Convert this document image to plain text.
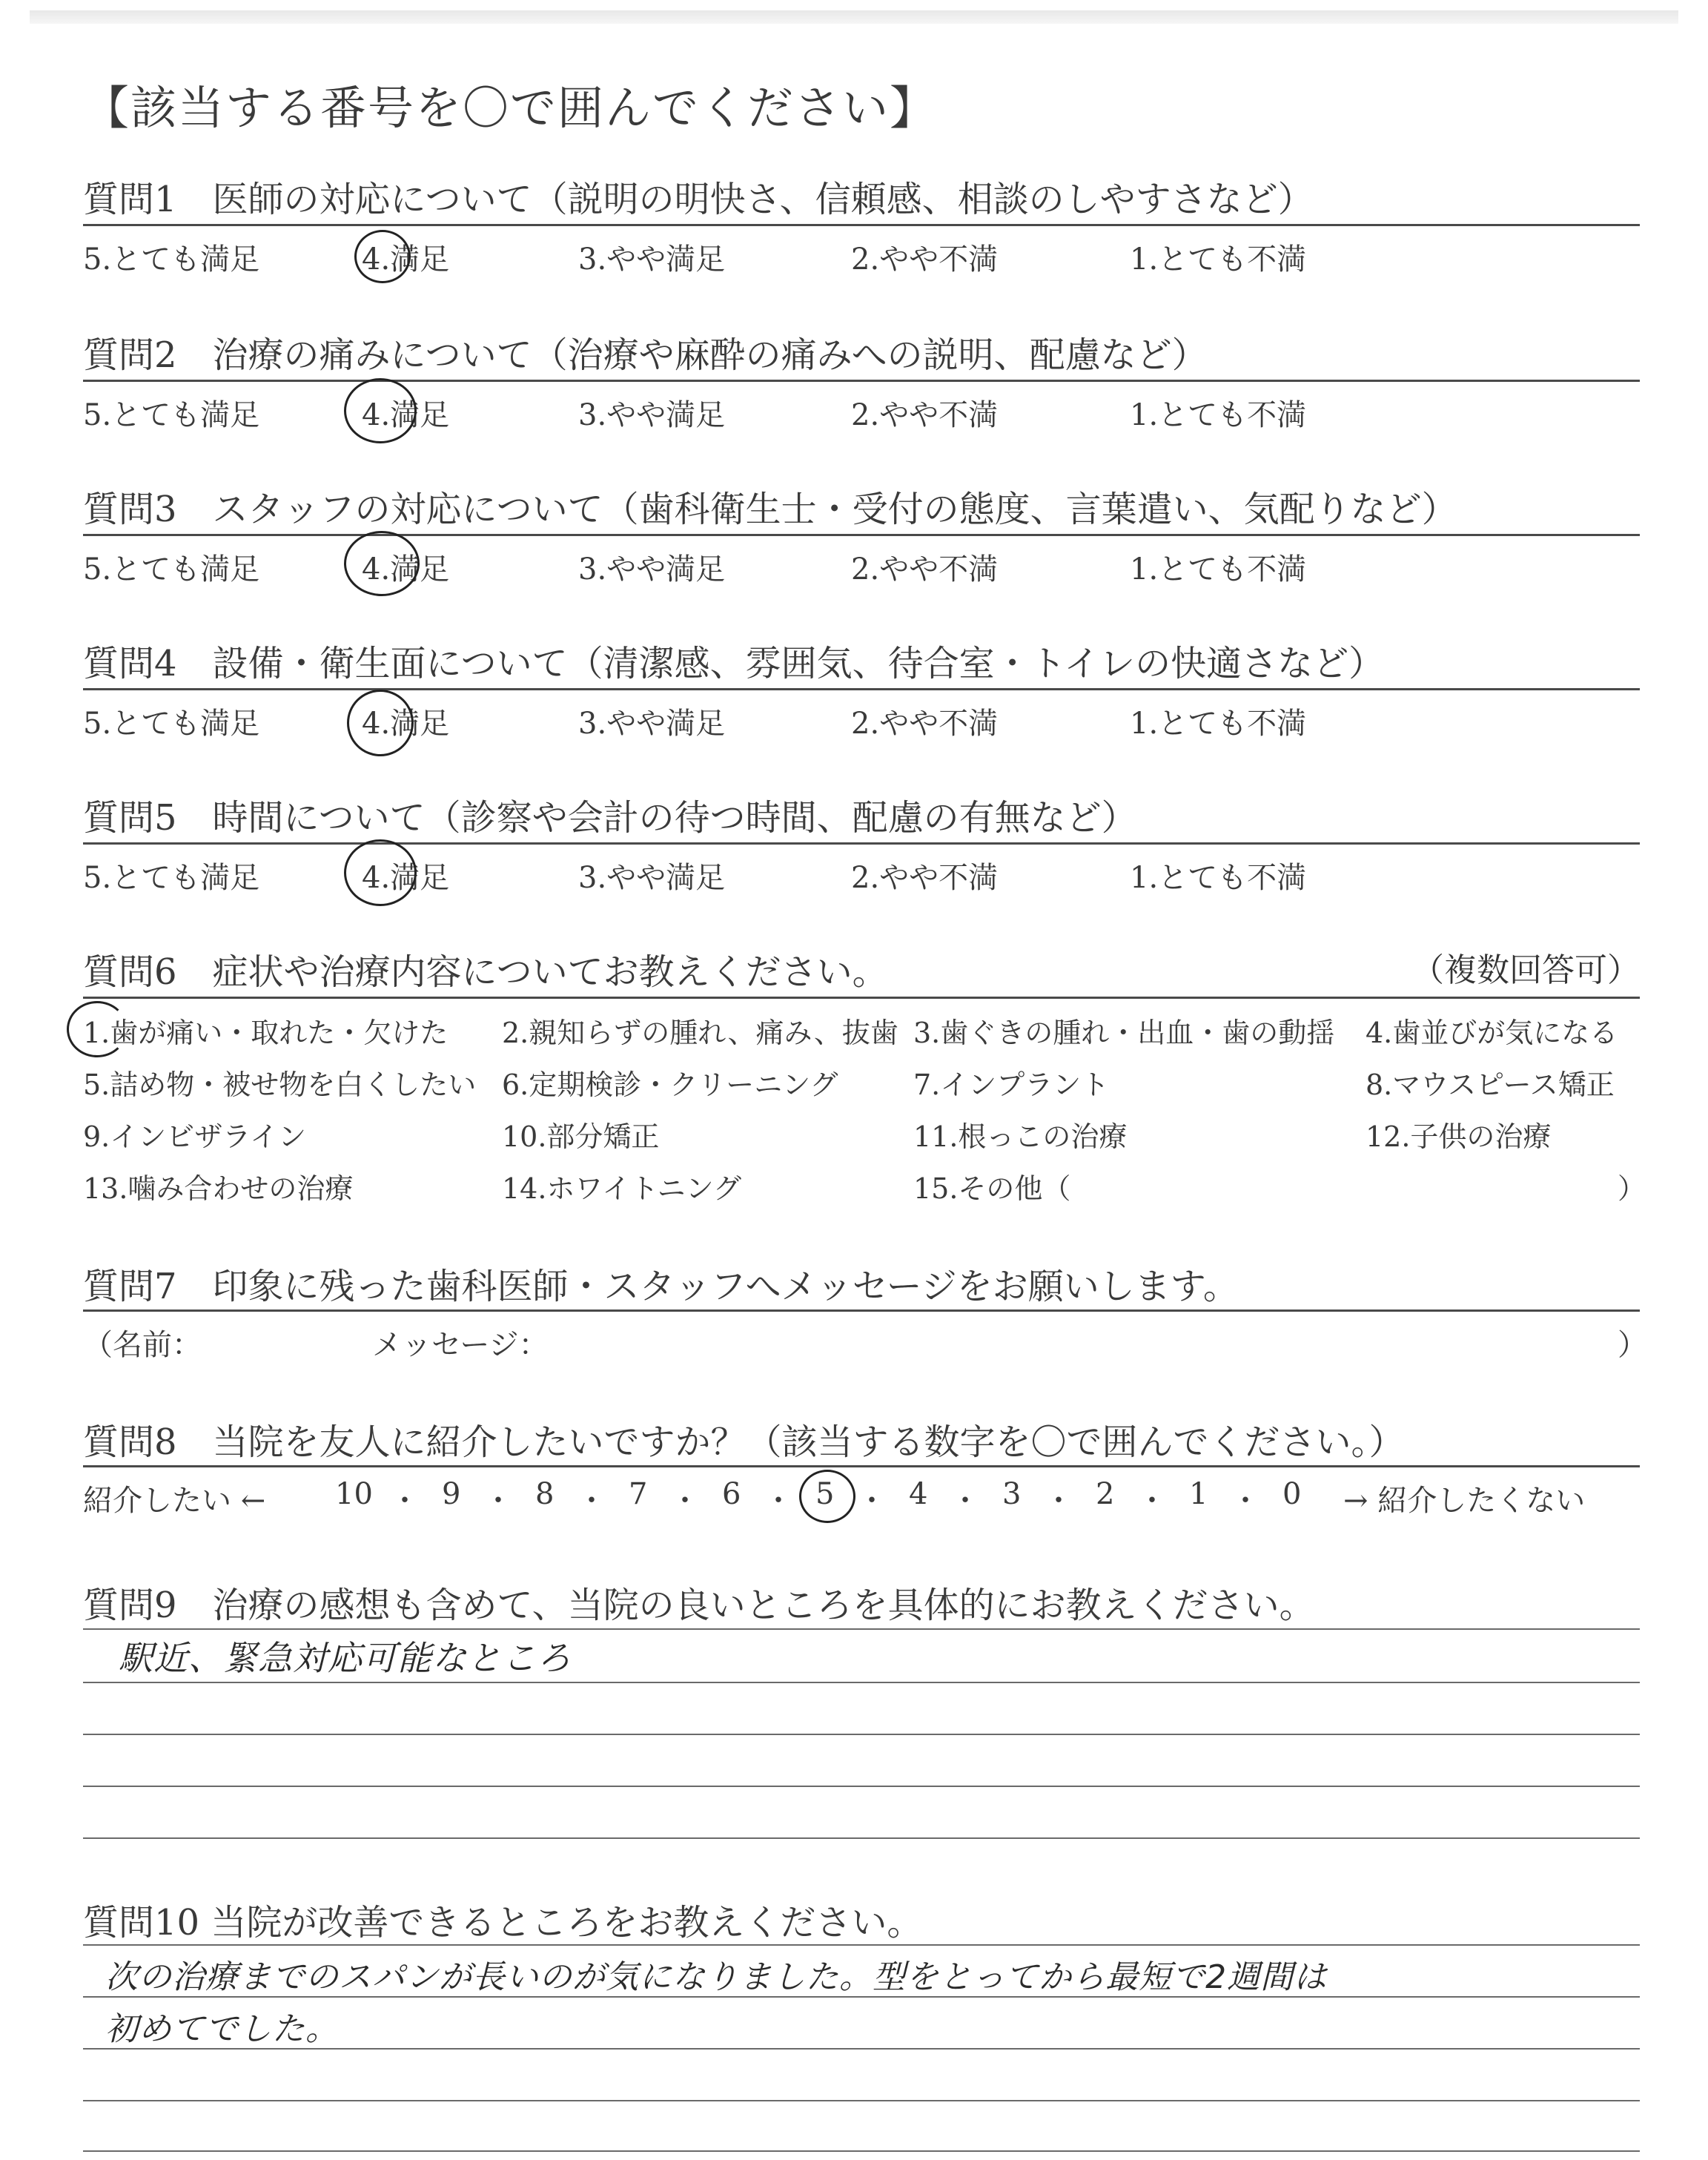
【該当する番号を〇で囲んでください】
質問1　医師の対応について（説明の明快さ、信頼感、相談のしやすさなど）
5.とても満足	4.満足	3.やや満足	2.やや不満	1.とても不満
質問2　治療の痛みについて（治療や麻酔の痛みへの説明、配慮など）
5.とても満足	4.満足	3.やや満足	2.やや不満	1.とても不満
質問3　スタッフの対応について（歯科衛生士・受付の態度、言葉遣い、気配りなど）
5.とても満足	4.満足	3.やや満足	2.やや不満	1.とても不満
質問4　設備・衛生面について（清潔感、雰囲気、待合室・トイレの快適さなど）
5.とても満足	4.満足	3.やや満足	2.やや不満	1.とても不満
質問5　時間について（診察や会計の待つ時間、配慮の有無など）
5.とても満足	4.満足	3.やや満足	2.やや不満	1.とても不満
質問6　症状や治療内容についてお教えください。	（複数回答可）
1.歯が痛い・取れた・欠けた 2.親知らずの腫れ、痛み、抜歯 3.歯ぐきの腫れ・出血・歯の動揺 4.歯並びが気になる
5.詰め物・被せ物を白くしたい 6.定期検診・クリーニング	7.インプラント	8.マウスピース矯正
9.インビザライン	10.部分矯正	11.根っこの治療	12.子供の治療
13.噛み合わせの治療	14.ホワイトニング	15.その他（	）
質問7　印象に残った歯科医師・スタッフへメッセージをお願いします。
（名前：	メッセージ：	）
質問8　当院を友人に紹介したいですか？（該当する数字を〇で囲んでください。）
紹介したい ← 10 ・ 9 ・ 8 ・ 7 ・ 6 ・ 5 ・ 4 ・ 3 ・ 2 ・ 1 ・ 0 → 紹介したくない
質問9　治療の感想も含めて、当院の良いところを具体的にお教えください。
駅近、緊急対応可能なところ
質問10 当院が改善できるところをお教えください。
次の治療までのスパンが長いのが気になりました。型をとってから最短で2週間は
初めてでした。
